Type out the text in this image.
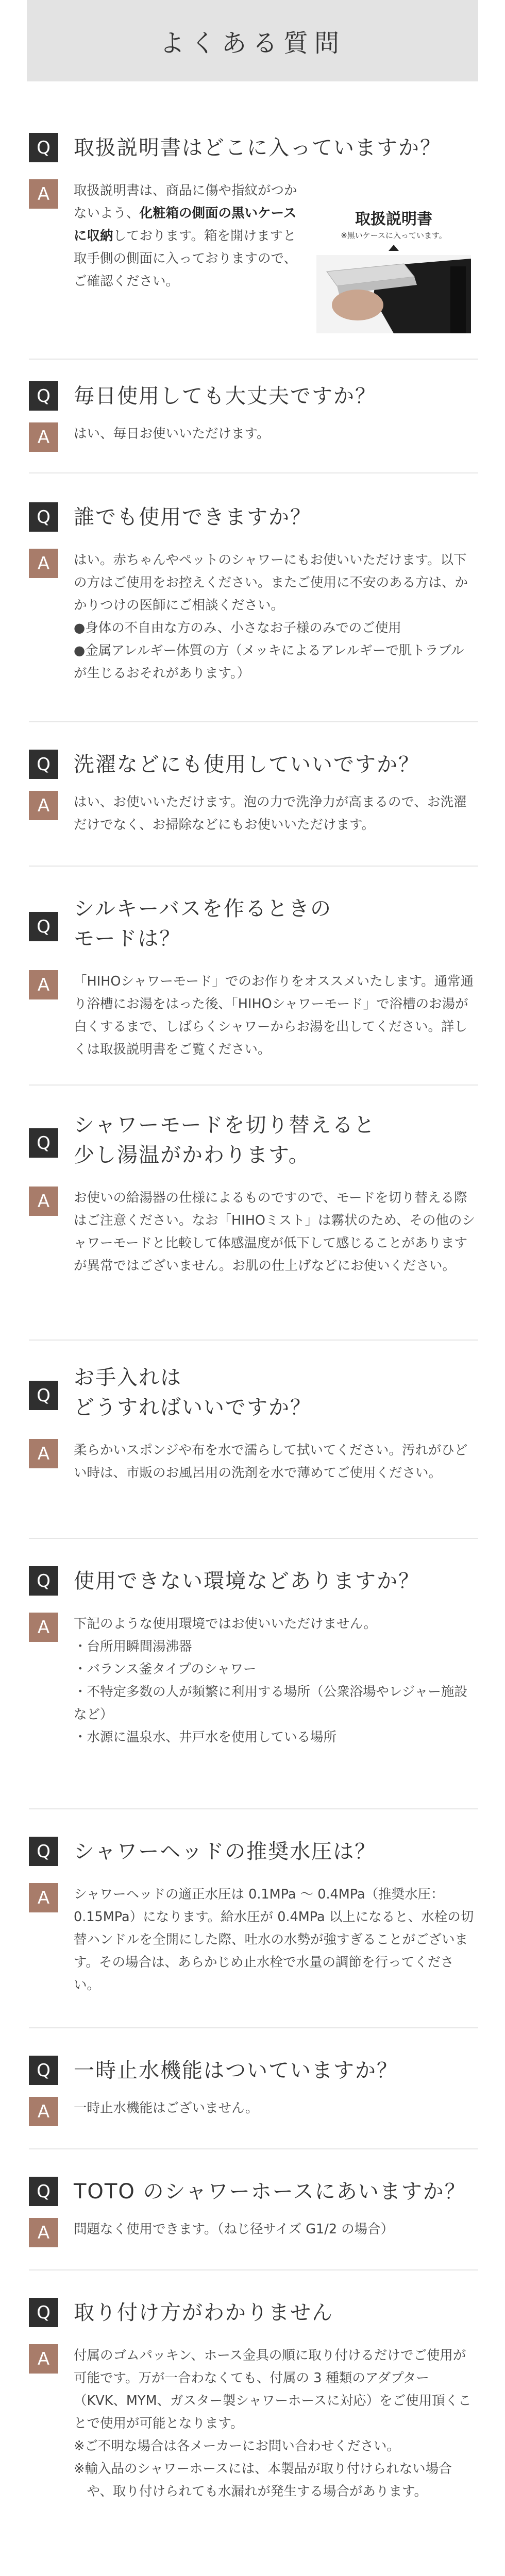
よくある質問
Q	取扱説明書はどこに入っていますか？
A	取扱説明書は、商品に傷や指紋がつかないよう、化粧箱の側面の黒いケースに収納しております。箱を開けますと取手側の側面に入っておりますので、ご確認ください。
取扱説明書
※黒いケースに入っています。
Q	毎日使用しても大丈夫ですか？
A	はい、毎日お使いいただけます。
Q	誰でも使用できますか？
A	はい。赤ちゃんやペットのシャワーにもお使いいただけます。以下の方はご使用をお控えください。またご使用に不安のある方は、かかりつけの医師にご相談ください。

●身体の不自由な方のみ、小さなお子様のみでのご使用
●金属アレルギー体質の方（メッキによるアレルギーで肌トラブルが生じるおそれがあります。）
Q	洗濯などにも使用していいですか？
A	はい、お使いいただけます。泡の力で洗浄力が高まるので、お洗濯だけでなく、お掃除などにもお使いいただけます。
Q
シルキーバスを作るときの
モードは？
A	「HIHOシャワーモード」でのお作りをオススメいたします。通常通り浴槽にお湯をはった後、「HIHOシャワーモード」で浴槽のお湯が白くするまで、しばらくシャワーからお湯を出してください。詳しくは取扱説明書をご覧ください。
Q
シャワーモードを切り替えると
少し湯温がかわります。
A	お使いの給湯器の仕様によるものですので、モードを切り替える際はご注意ください。なお「HIHOミスト」は霧状のため、その他のシャワーモードと比較して体感温度が低下して感じることがありますが異常ではございません。お肌の仕上げなどにお使いください。
Q
お手入れは
どうすればいいですか？
A	柔らかいスポンジや布を水で濡らして拭いてください。汚れがひどい時は、市販のお風呂用の洗剤を水で薄めてご使用ください。
Q	使用できない環境などありますか？
A	下記のような使用環境ではお使いいただけません。

・台所用瞬間湯沸器
・バランス釜タイプのシャワー
・不特定多数の人が頻繁に利用する場所（公衆浴場やレジャー施設など）
・水源に温泉水、井戸水を使用している場所
Q	シャワーヘッドの推奨水圧は？
A	シャワーヘッドの適正水圧は 0.1MPa ～ 0.4MPa（推奨水圧：0.15MPa）になります。給水圧が 0.4MPa 以上になると、水栓の切替ハンドルを全開にした際、吐水の水勢が強すぎることがございます。その場合は、あらかじめ止水栓で水量の調節を行ってください。
Q	一時止水機能はついていますか？
A	一時止水機能はございません。
Q	TOTO のシャワーホースにあいますか？
A	問題なく使用できます。（ねじ径サイズ G1/2 の場合）
Q	取り付け方がわかりません
A	付属のゴムパッキン、ホース金具の順に取り付けるだけでご使用が可能です。万が一合わなくても、付属の 3 種類のアダプター（KVK、MYM、ガスター製シャワーホースに対応）をご使用頂くことで使用が可能となります。

※ご不明な場合は各メーカーにお問い合わせください。

※輸入品のシャワーホースには、本製品が取り付けられない場合や、取り付けられても水漏れが発生する場合があります。
